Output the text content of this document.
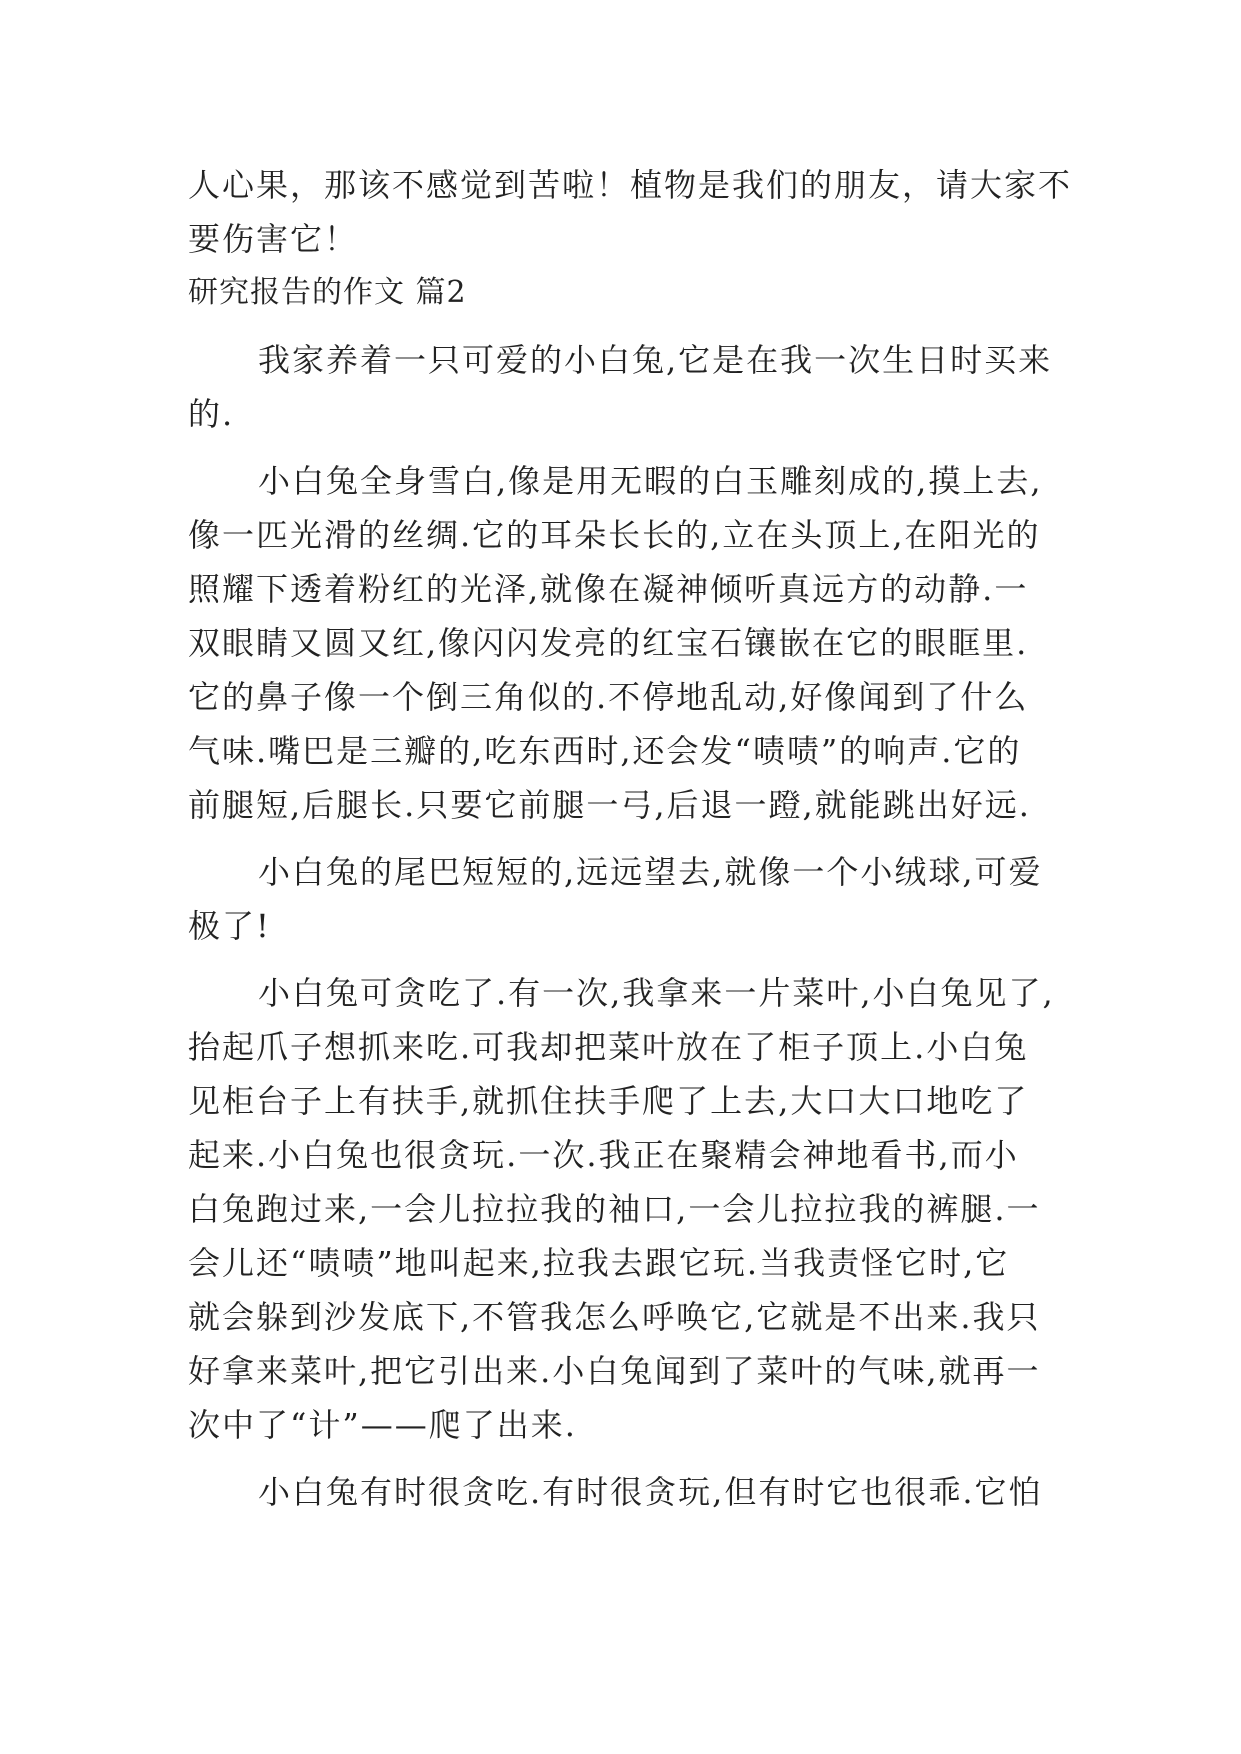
人心果，那该不感觉到苦啦！植物是我们的朋友，请大家不
要伤害它！
研究报告的作文 篇2
我家养着一只可爱的小白兔,它是在我一次生日时买来
的.
小白兔全身雪白,像是用无暇的白玉雕刻成的,摸上去,
像一匹光滑的丝绸.它的耳朵长长的,立在头顶上,在阳光的
照耀下透着粉红的光泽,就像在凝神倾听真远方的动静.一
双眼睛又圆又红,像闪闪发亮的红宝石镶嵌在它的眼眶里.
它的鼻子像一个倒三角似的.不停地乱动,好像闻到了什么
气味.嘴巴是三瓣的,吃东西时,还会发“啧啧”的响声.它的
前腿短,后腿长.只要它前腿一弓,后退一蹬,就能跳出好远.
小白兔的尾巴短短的,远远望去,就像一个小绒球,可爱
极了!
小白兔可贪吃了.有一次,我拿来一片菜叶,小白兔见了,
抬起爪子想抓来吃.可我却把菜叶放在了柜子顶上.小白兔
见柜台子上有扶手,就抓住扶手爬了上去,大口大口地吃了
起来.小白兔也很贪玩.一次.我正在聚精会神地看书,而小
白兔跑过来,一会儿拉拉我的袖口,一会儿拉拉我的裤腿.一
会儿还“啧啧”地叫起来,拉我去跟它玩.当我责怪它时,它
就会躲到沙发底下,不管我怎么呼唤它,它就是不出来.我只
好拿来菜叶,把它引出来.小白兔闻到了菜叶的气味,就再一
次中了“计”——爬了出来.
小白兔有时很贪吃.有时很贪玩,但有时它也很乖.它怕
